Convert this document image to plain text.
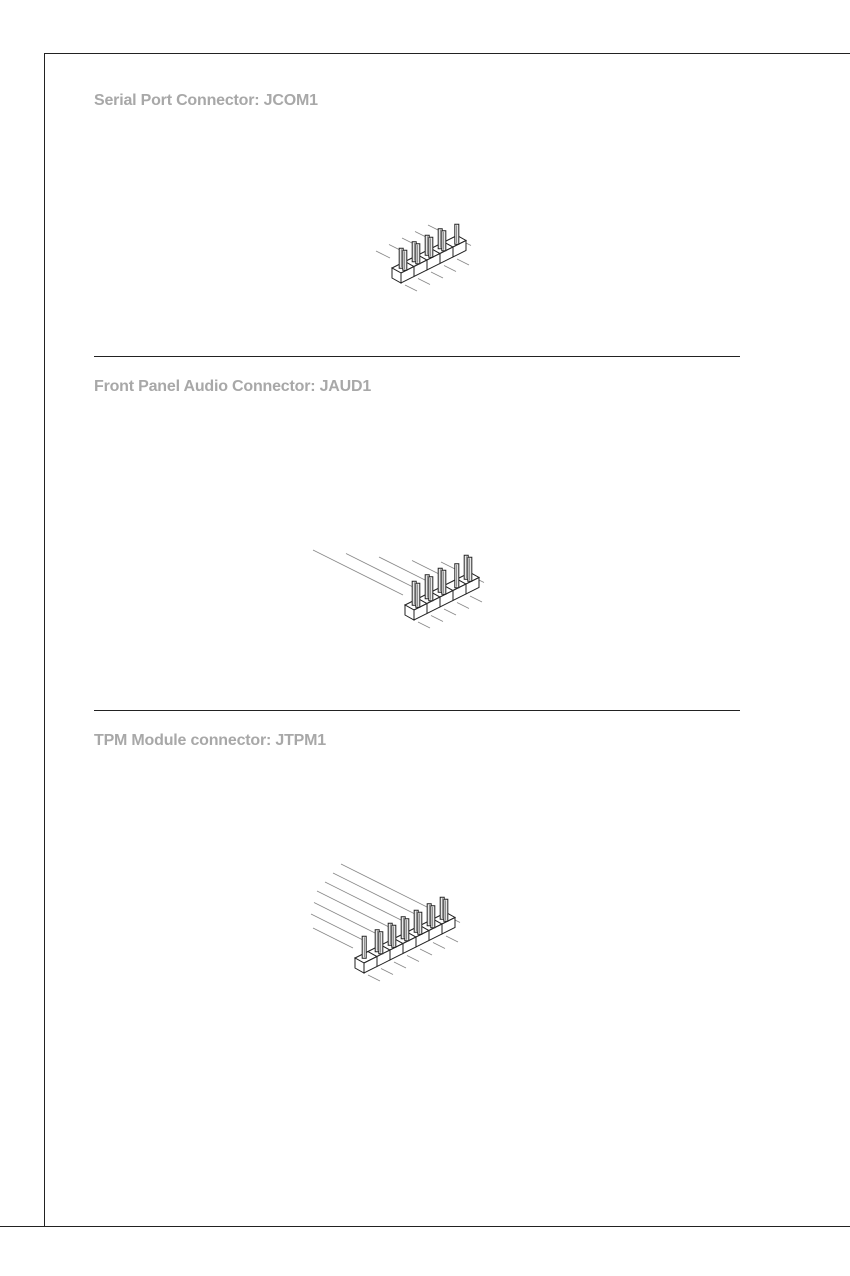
Serial Port Connector: JCOM1
Front Panel Audio Connector: JAUD1
TPM Module connector: JTPM1
